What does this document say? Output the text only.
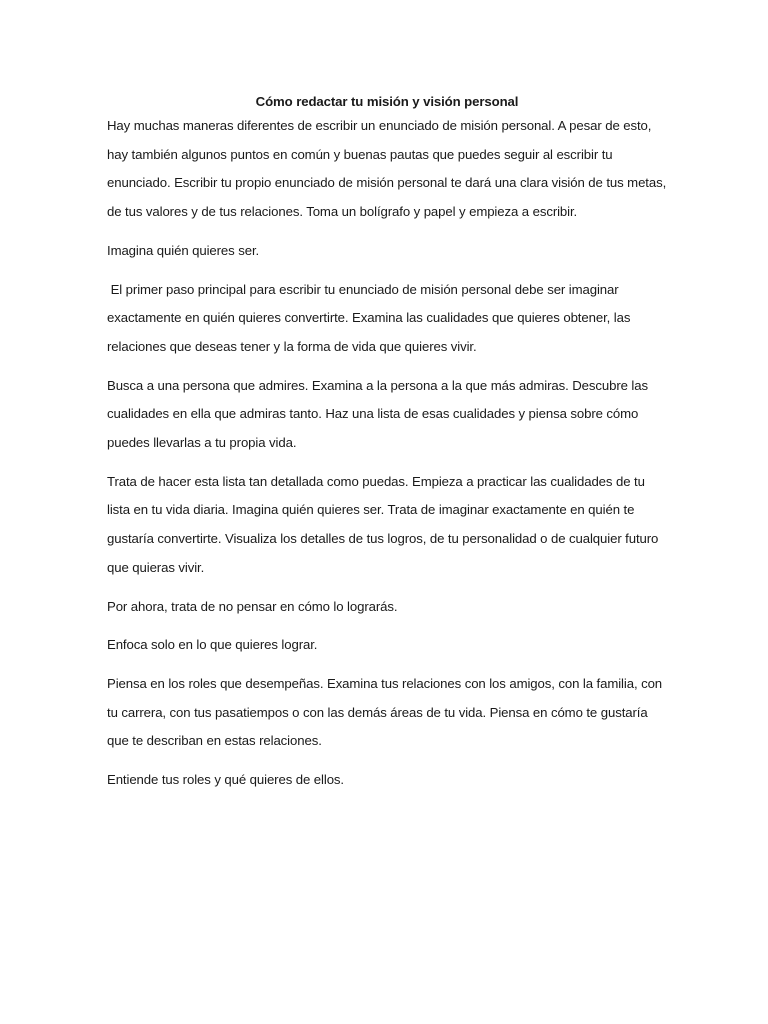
Cómo redactar tu misión y visión personal

Hay muchas maneras diferentes de escribir un enunciado de misión personal. A pesar de esto, hay también algunos puntos en común y buenas pautas que puedes seguir al escribir tu enunciado. Escribir tu propio enunciado de misión personal te dará una clara visión de tus metas, de tus valores y de tus relaciones. Toma un bolígrafo y papel y empieza a escribir.

Imagina quién quieres ser.

El primer paso principal para escribir tu enunciado de misión personal debe ser imaginar exactamente en quién quieres convertirte. Examina las cualidades que quieres obtener, las relaciones que deseas tener y la forma de vida que quieres vivir.

Busca a una persona que admires. Examina a la persona a la que más admiras. Descubre las cualidades en ella que admiras tanto. Haz una lista de esas cualidades y piensa sobre cómo puedes llevarlas a tu propia vida.

Trata de hacer esta lista tan detallada como puedas. Empieza a practicar las cualidades de tu lista en tu vida diaria. Imagina quién quieres ser. Trata de imaginar exactamente en quién te gustaría convertirte. Visualiza los detalles de tus logros, de tu personalidad o de cualquier futuro que quieras vivir.

Por ahora, trata de no pensar en cómo lo lograrás.

Enfoca solo en lo que quieres lograr.

Piensa en los roles que desempeñas. Examina tus relaciones con los amigos, con la familia, con tu carrera, con tus pasatiempos o con las demás áreas de tu vida. Piensa en cómo te gustaría que te describan en estas relaciones.

Entiende tus roles y qué quieres de ellos.
